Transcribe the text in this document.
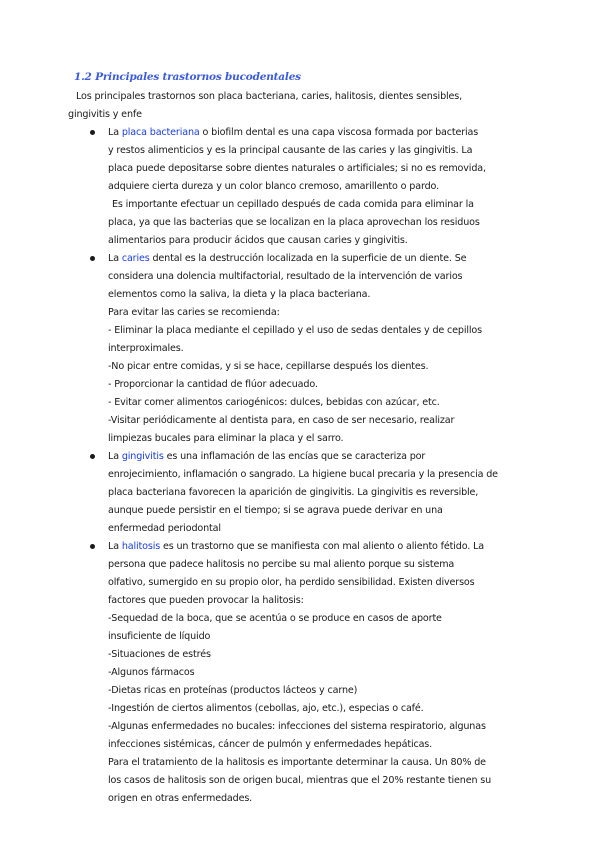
1.2 Principales trastornos bucodentales

Los principales trastornos son placa bacteriana, caries, halitosis, dientes sensibles,

gingivitis y enfe

La placa bacteriana o biofilm dental es una capa viscosa formada por bacterias
y restos alimenticios y es la principal causante de las caries y las gingivitis. La
placa puede depositarse sobre dientes naturales o artificiales; si no es removida,
adquiere cierta dureza y un color blanco cremoso, amarillento o pardo.
Es importante efectuar un cepillado después de cada comida para eliminar la
placa, ya que las bacterias que se localizan en la placa aprovechan los residuos
alimentarios para producir ácidos que causan caries y gingivitis.
La caries dental es la destrucción localizada en la superficie de un diente. Se
considera una dolencia multifactorial, resultado de la intervención de varios
elementos como la saliva, la dieta y la placa bacteriana.
Para evitar las caries se recomienda:
- Eliminar la placa mediante el cepillado y el uso de sedas dentales y de cepillos
interproximales.
-No picar entre comidas, y si se hace, cepillarse después los dientes.
- Proporcionar la cantidad de flúor adecuado.
- Evitar comer alimentos cariogénicos: dulces, bebidas con azúcar, etc.
-Visitar periódicamente al dentista para, en caso de ser necesario, realizar
limpiezas bucales para eliminar la placa y el sarro.
La gingivitis es una inflamación de las encías que se caracteriza por
enrojecimiento, inflamación o sangrado. La higiene bucal precaria y la presencia de
placa bacteriana favorecen la aparición de gingivitis. La gingivitis es reversible,
aunque puede persistir en el tiempo; si se agrava puede derivar en una
enfermedad periodontal
La halitosis es un trastorno que se manifiesta con mal aliento o aliento fétido. La
persona que padece halitosis no percibe su mal aliento porque su sistema
olfativo, sumergido en su propio olor, ha perdido sensibilidad. Existen diversos
factores que pueden provocar la halitosis:
-Sequedad de la boca, que se acentúa o se produce en casos de aporte
insuficiente de líquido
-Situaciones de estrés
-Algunos fármacos
-Dietas ricas en proteínas (productos lácteos y carne)
-Ingestión de ciertos alimentos (cebollas, ajo, etc.), especias o café.
-Algunas enfermedades no bucales: infecciones del sistema respiratorio, algunas
infecciones sistémicas, cáncer de pulmón y enfermedades hepáticas.
Para el tratamiento de la halitosis es importante determinar la causa. Un 80% de
los casos de halitosis son de origen bucal, mientras que el 20% restante tienen su
origen en otras enfermedades.
